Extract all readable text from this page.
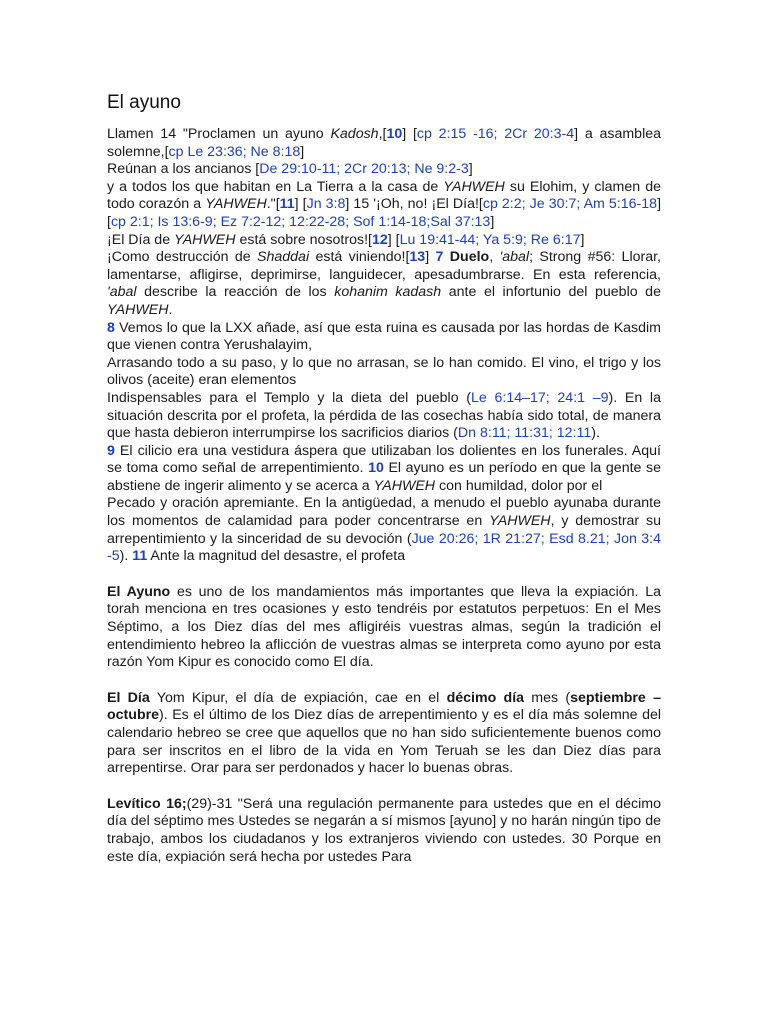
El ayuno

Llamen 14 "Proclamen un ayuno Kadosh,[10] [cp 2:15 -16; 2Cr 20:3-4] a asamblea solemne,[cp Le 23:36; Ne 8:18]

Reúnan a los ancianos [De 29:10-11; 2Cr 20:13; Ne 9:2-3]

y a todos los que habitan en La Tierra a la casa de YAHWEH su Elohim, y clamen de todo corazón a YAHWEH."[11] [Jn 3:8] 15 '¡Oh, no! ¡El Día![cp 2:2; Je 30:7; Am 5:16-18] [cp 2:1; Is 13:6-9; Ez 7:2-12; 12:22-28; Sof 1:14-18;Sal 37:13]

¡El Día de YAHWEH está sobre nosotros![12] [Lu 19:41-44; Ya 5:9; Re 6:17]

¡Como destrucción de Shaddai está viniendo![13] 7 Duelo, 'abal; Strong #56: Llorar, lamentarse, afligirse, deprimirse, languidecer, apesadumbrarse. En esta referencia, 'abal describe la reacción de los kohanim kadash ante el infortunio del pueblo de YAHWEH.

8 Vemos lo que la LXX añade, así que esta ruina es causada por las hordas de Kasdim que vienen contra Yerushalayim,

Arrasando todo a su paso, y lo que no arrasan, se lo han comido. El vino, el trigo y los olivos (aceite) eran elementos

Indispensables para el Templo y la dieta del pueblo (Le 6:14–17; 24:1 –9). En la situación descrita por el profeta, la pérdida de las cosechas había sido total, de manera que hasta debieron interrumpirse los sacrificios diarios (Dn 8:11; 11:31; 12:11).

9 El cilicio era una vestidura áspera que utilizaban los dolientes en los funerales. Aquí se toma como señal de arrepentimiento. 10 El ayuno es un período en que la gente se abstiene de ingerir alimento y se acerca a YAHWEH con humildad, dolor por el

Pecado y oración apremiante. En la antigüedad, a menudo el pueblo ayunaba durante los momentos de calamidad para poder concentrarse en YAHWEH, y demostrar su arrepentimiento y la sinceridad de su devoción (Jue 20:26; 1R 21:27; Esd 8.21; Jon 3:4 -5). 11 Ante la magnitud del desastre, el profeta

El Ayuno es uno de los mandamientos más importantes que lleva la expiación. La torah menciona en tres ocasiones y esto tendréis por estatutos perpetuos: En el Mes Séptimo, a los Diez días del mes afligiréis vuestras almas, según la tradición el entendimiento hebreo la aflicción de vuestras almas se interpreta como ayuno por esta razón Yom Kipur es conocido como El día.

El Día Yom Kipur, el día de expiación, cae en el décimo día mes (septiembre – octubre). Es el último de los Diez días de arrepentimiento y es el día más solemne del calendario hebreo se cree que aquellos que no han sido suficientemente buenos como para ser inscritos en el libro de la vida en Yom Teruah se les dan Diez días para arrepentirse. Orar para ser perdonados y hacer lo buenas obras.

Levítico 16;(29)-31 "Será una regulación permanente para ustedes que en el décimo día del séptimo mes Ustedes se negarán a sí mismos [ayuno] y no harán ningún tipo de trabajo, ambos los ciudadanos y los extranjeros viviendo con ustedes. 30 Porque en este día, expiación será hecha por ustedes Para
